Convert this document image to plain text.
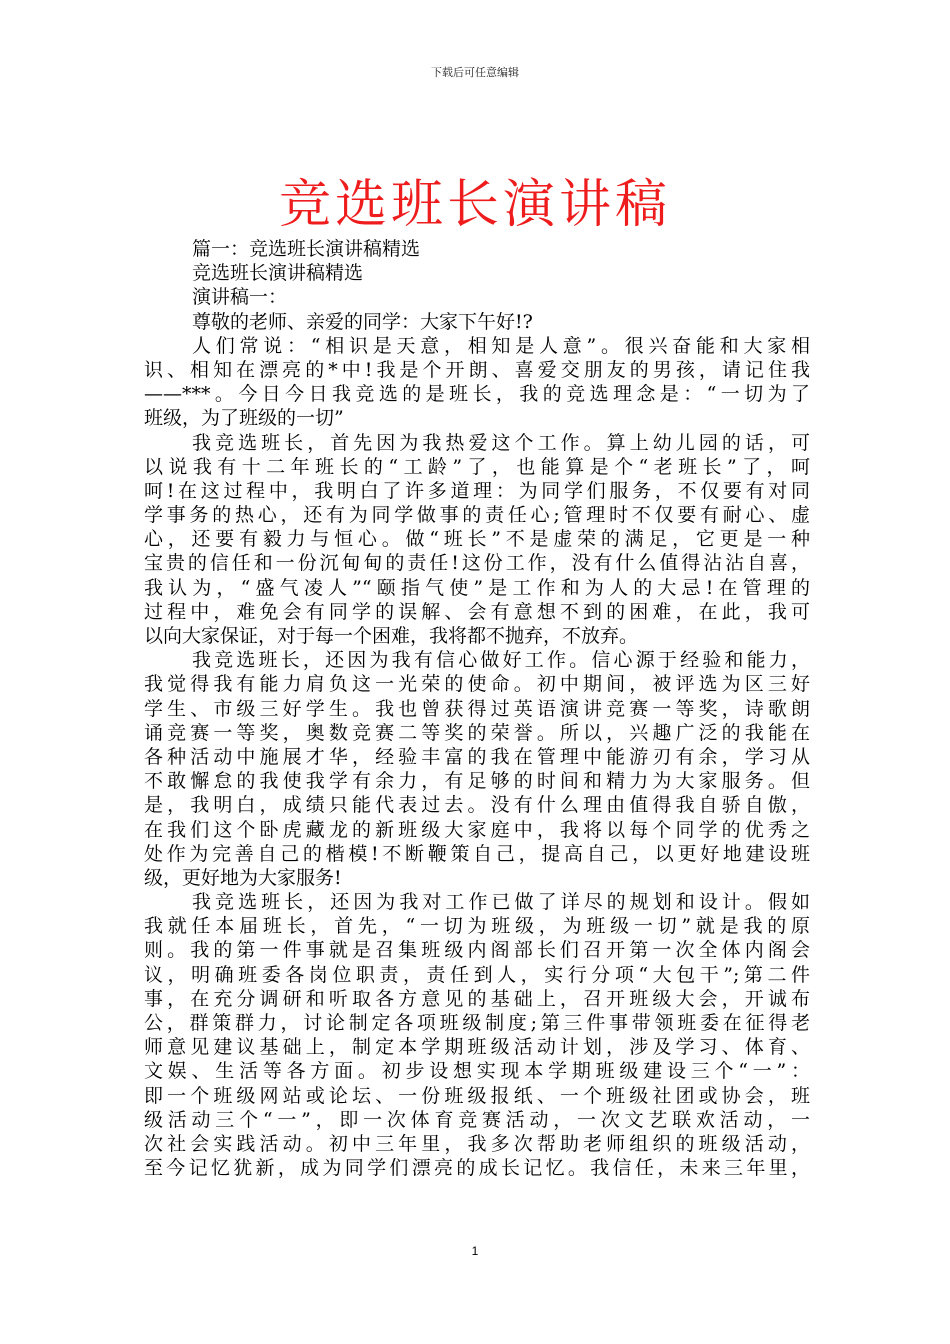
下载后可任意编辑
竞选班长演讲稿
篇一：竞选班长演讲稿精选
竞选班长演讲稿精选
演讲稿一：
尊敬的老师、亲爱的同学：大家下午好!?
人们常说：“相识是天意，相知是人意”。很兴奋能和大家相
识、相知在漂亮的*中!我是个开朗、喜爱交朋友的男孩，请记住我
——***。今日今日我竞选的是班长，我的竞选理念是：“一切为了
班级，为了班级的一切”
我竞选班长，首先因为我热爱这个工作。算上幼儿园的话，可
以说我有十二年班长的“工龄”了，也能算是个“老班长”了，呵
呵!在这过程中，我明白了许多道理：为同学们服务，不仅要有对同
学事务的热心，还有为同学做事的责任心;管理时不仅要有耐心、虚
心，还要有毅力与恒心。做“班长”不是虚荣的满足，它更是一种
宝贵的信任和一份沉甸甸的责任!这份工作，没有什么值得沾沾自喜，
我认为，“盛气凌人”“颐指气使”是工作和为人的大忌!在管理的
过程中，难免会有同学的误解、会有意想不到的困难，在此，我可
以向大家保证，对于每一个困难，我将都不抛弃，不放弃。
我竞选班长，还因为我有信心做好工作。信心源于经验和能力，
我觉得我有能力肩负这一光荣的使命。初中期间，被评选为区三好
学生、市级三好学生。我也曾获得过英语演讲竞赛一等奖，诗歌朗
诵竞赛一等奖，奥数竞赛二等奖的荣誉。所以，兴趣广泛的我能在
各种活动中施展才华，经验丰富的我在管理中能游刃有余，学习从
不敢懈怠的我使我学有余力，有足够的时间和精力为大家服务。但
是，我明白，成绩只能代表过去。没有什么理由值得我自骄自傲，
在我们这个卧虎藏龙的新班级大家庭中，我将以每个同学的优秀之
处作为完善自己的楷模!不断鞭策自己，提高自己，以更好地建设班
级，更好地为大家服务!
我竞选班长，还因为我对工作已做了详尽的规划和设计。假如
我就任本届班长，首先，“一切为班级，为班级一切”就是我的原
则。我的第一件事就是召集班级内阁部长们召开第一次全体内阁会
议，明确班委各岗位职责，责任到人，实行分项“大包干”;第二件
事，在充分调研和听取各方意见的基础上，召开班级大会，开诚布
公，群策群力，讨论制定各项班级制度;第三件事带领班委在征得老
师意见建议基础上，制定本学期班级活动计划，涉及学习、体育、
文娱、生活等各方面。初步设想实现本学期班级建设三个“一”：
即一个班级网站或论坛、一份班级报纸、一个班级社团或协会，班
级活动三个“一”，即一次体育竞赛活动，一次文艺联欢活动，一
次社会实践活动。初中三年里，我多次帮助老师组织的班级活动，
至今记忆犹新，成为同学们漂亮的成长记忆。我信任，未来三年里，
1
